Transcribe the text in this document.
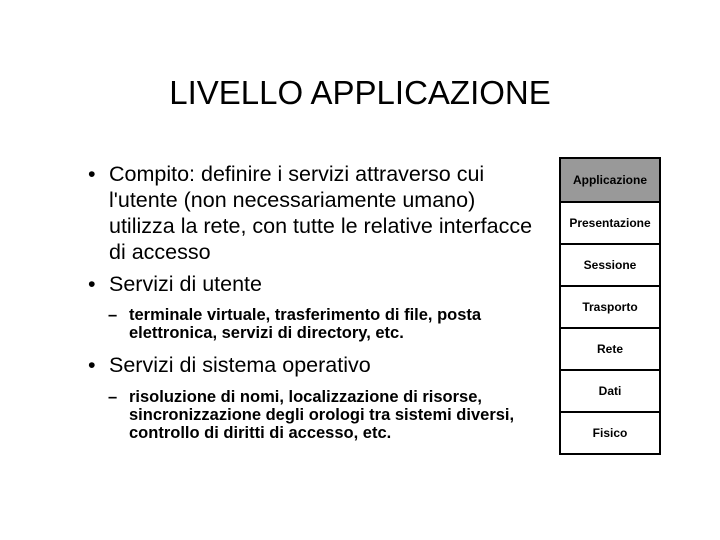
LIVELLO APPLICAZIONE
• Compito: definire i servizi attraverso cui l'utente (non necessariamente umano) utilizza la rete, con tutte le relative interfacce di accesso
• Servizi di utente
– terminale virtuale, trasferimento di file, posta elettronica, servizi di directory, etc.
• Servizi di sistema operativo
– risoluzione di nomi, localizzazione di risorse, sincronizzazione degli orologi tra sistemi diversi, controllo di diritti di accesso, etc.
Applicazione
Presentazione
Sessione
Trasporto
Rete
Dati
Fisico
